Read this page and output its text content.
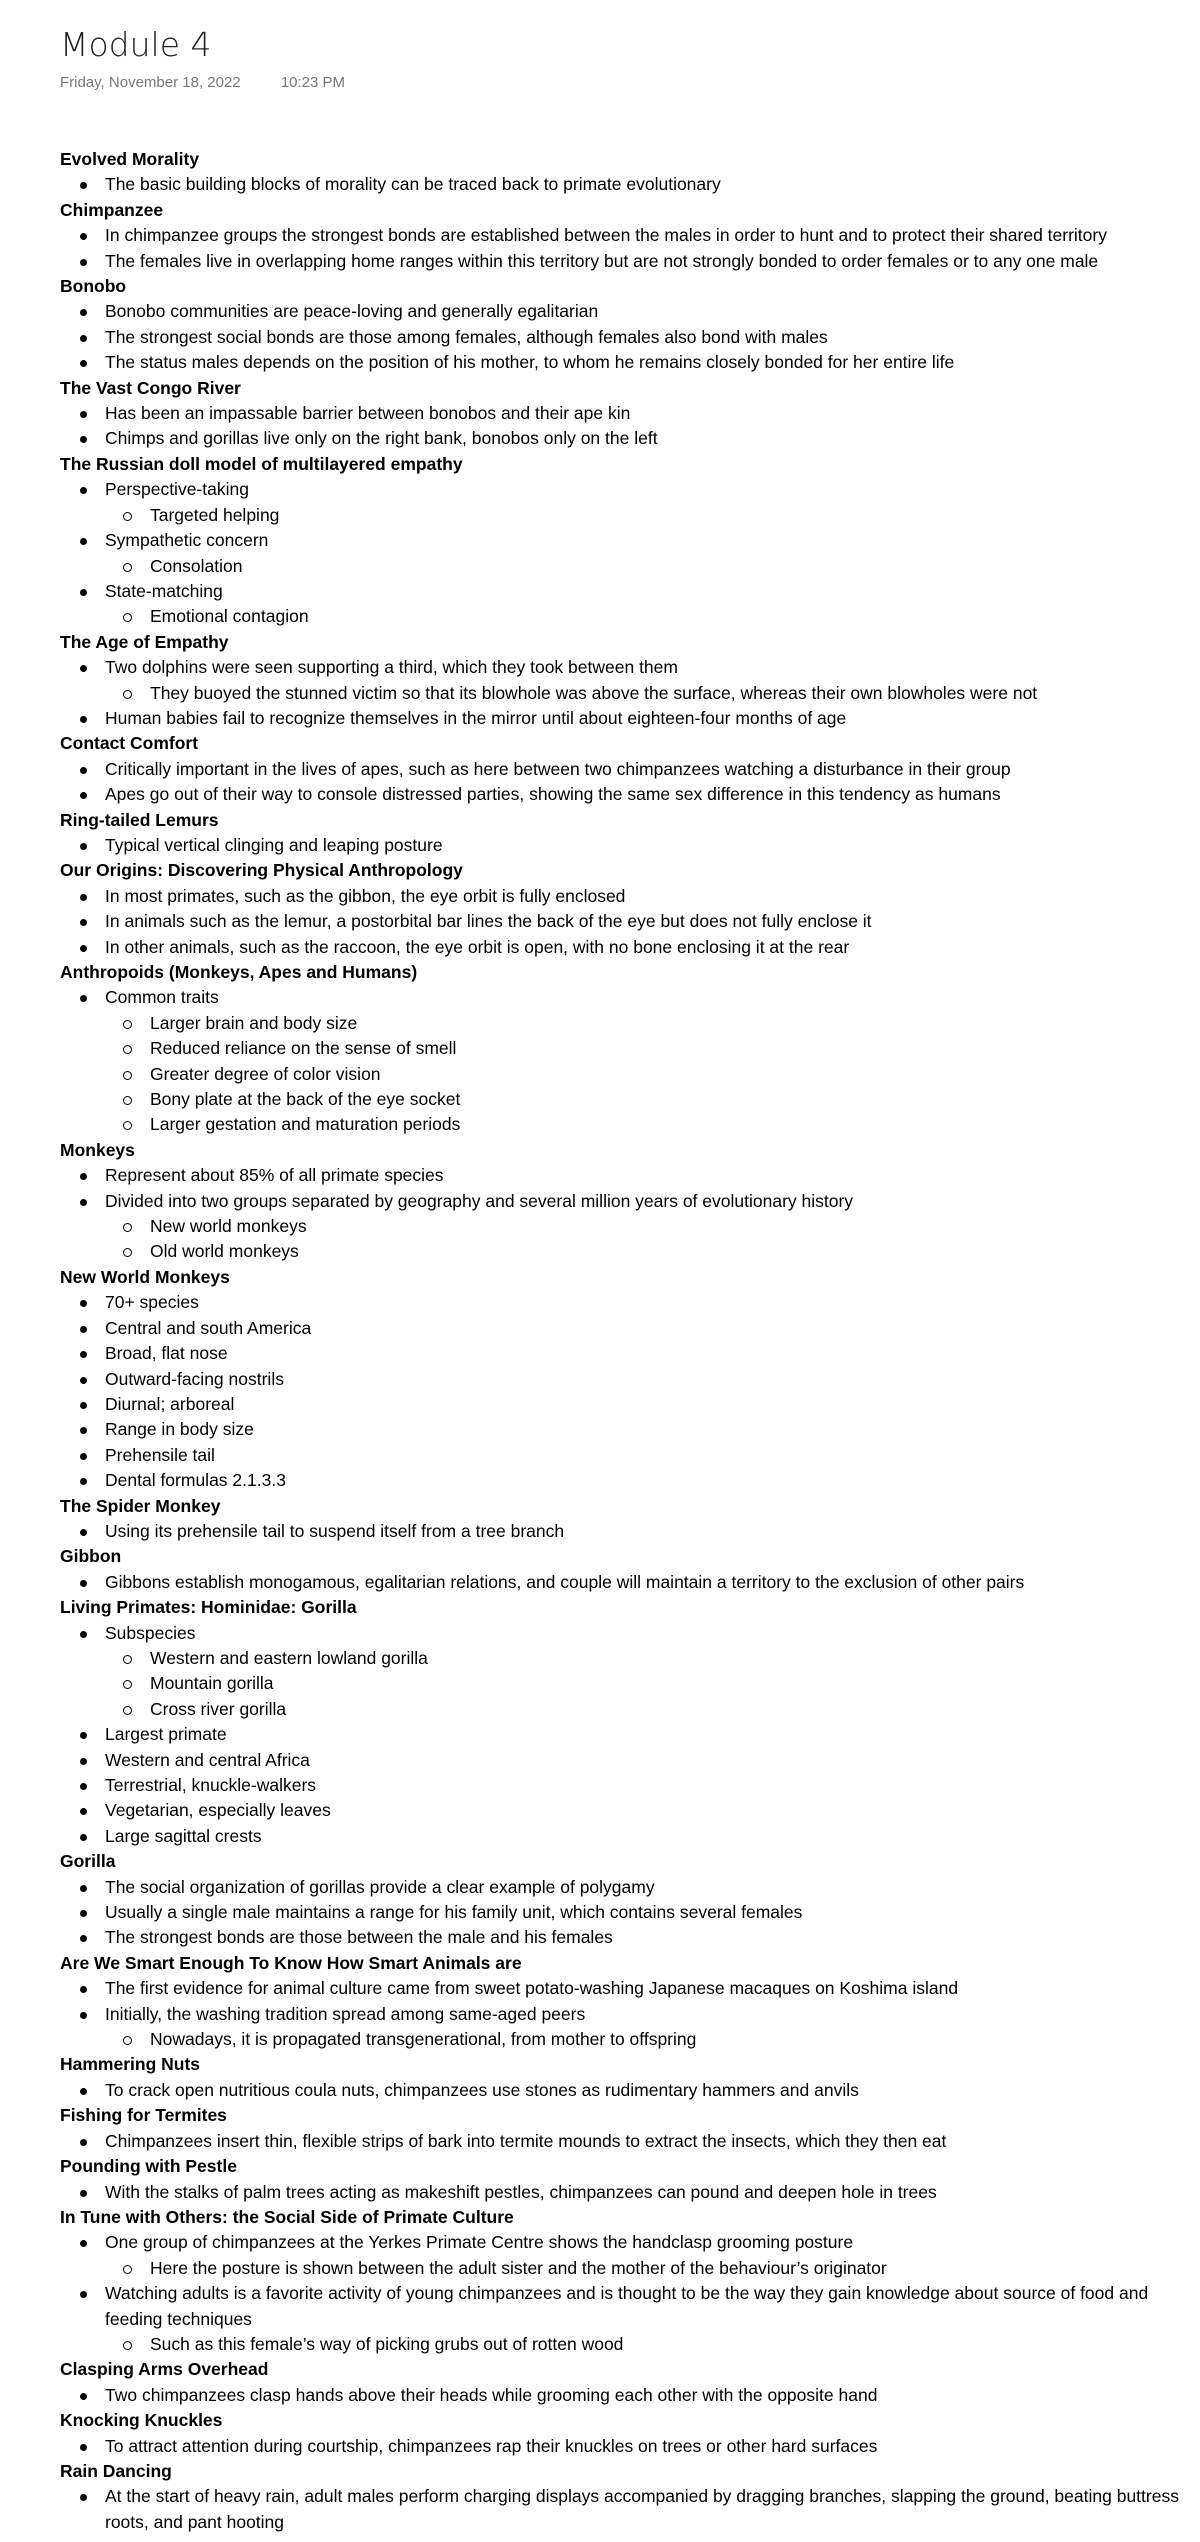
Module 4
Friday, November 18, 2022	10:23 PM
Evolved Morality
The basic building blocks of morality can be traced back to primate evolutionary
Chimpanzee
In chimpanzee groups the strongest bonds are established between the males in order to hunt and to protect their shared territory
The females live in overlapping home ranges within this territory but are not strongly bonded to order females or to any one male
Bonobo
Bonobo communities are peace-loving and generally egalitarian
The strongest social bonds are those among females, although females also bond with males
The status males depends on the position of his mother, to whom he remains closely bonded for her entire life
The Vast Congo River
Has been an impassable barrier between bonobos and their ape kin
Chimps and gorillas live only on the right bank, bonobos only on the left
The Russian doll model of multilayered empathy
Perspective-taking
Targeted helping
Sympathetic concern
Consolation
State-matching
Emotional contagion
The Age of Empathy
Two dolphins were seen supporting a third, which they took between them
They buoyed the stunned victim so that its blowhole was above the surface, whereas their own blowholes were not
Human babies fail to recognize themselves in the mirror until about eighteen-four months of age
Contact Comfort
Critically important in the lives of apes, such as here between two chimpanzees watching a disturbance in their group
Apes go out of their way to console distressed parties, showing the same sex difference in this tendency as humans
Ring-tailed Lemurs
Typical vertical clinging and leaping posture
Our Origins: Discovering Physical Anthropology
In most primates, such as the gibbon, the eye orbit is fully enclosed
In animals such as the lemur, a postorbital bar lines the back of the eye but does not fully enclose it
In other animals, such as the raccoon, the eye orbit is open, with no bone enclosing it at the rear
Anthropoids (Monkeys, Apes and Humans)
Common traits
Larger brain and body size
Reduced reliance on the sense of smell
Greater degree of color vision
Bony plate at the back of the eye socket
Larger gestation and maturation periods
Monkeys
Represent about 85% of all primate species
Divided into two groups separated by geography and several million years of evolutionary history
New world monkeys
Old world monkeys
New World Monkeys
70+ species
Central and south America
Broad, flat nose
Outward-facing nostrils
Diurnal; arboreal
Range in body size
Prehensile tail
Dental formulas 2.1.3.3
The Spider Monkey
Using its prehensile tail to suspend itself from a tree branch
Gibbon
Gibbons establish monogamous, egalitarian relations, and couple will maintain a territory to the exclusion of other pairs
Living Primates: Hominidae: Gorilla
Subspecies
Western and eastern lowland gorilla
Mountain gorilla
Cross river gorilla
Largest primate
Western and central Africa
Terrestrial, knuckle-walkers
Vegetarian, especially leaves
Large sagittal crests
Gorilla
The social organization of gorillas provide a clear example of polygamy
Usually a single male maintains a range for his family unit, which contains several females
The strongest bonds are those between the male and his females
Are We Smart Enough To Know How Smart Animals are
The first evidence for animal culture came from sweet potato-washing Japanese macaques on Koshima island
Initially, the washing tradition spread among same-aged peers
Nowadays, it is propagated transgenerational, from mother to offspring
Hammering Nuts
To crack open nutritious coula nuts, chimpanzees use stones as rudimentary hammers and anvils
Fishing for Termites
Chimpanzees insert thin, flexible strips of bark into termite mounds to extract the insects, which they then eat
Pounding with Pestle
With the stalks of palm trees acting as makeshift pestles, chimpanzees can pound and deepen hole in trees
In Tune with Others: the Social Side of Primate Culture
One group of chimpanzees at the Yerkes Primate Centre shows the handclasp grooming posture
Here the posture is shown between the adult sister and the mother of the behaviour’s originator
Watching adults is a favorite activity of young chimpanzees and is thought to be the way they gain knowledge about source of food and feeding techniques
Such as this female’s way of picking grubs out of rotten wood
Clasping Arms Overhead
Two chimpanzees clasp hands above their heads while grooming each other with the opposite hand
Knocking Knuckles
To attract attention during courtship, chimpanzees rap their knuckles on trees or other hard surfaces
Rain Dancing
At the start of heavy rain, adult males perform charging displays accompanied by dragging branches, slapping the ground, beating buttress roots, and pant hooting
